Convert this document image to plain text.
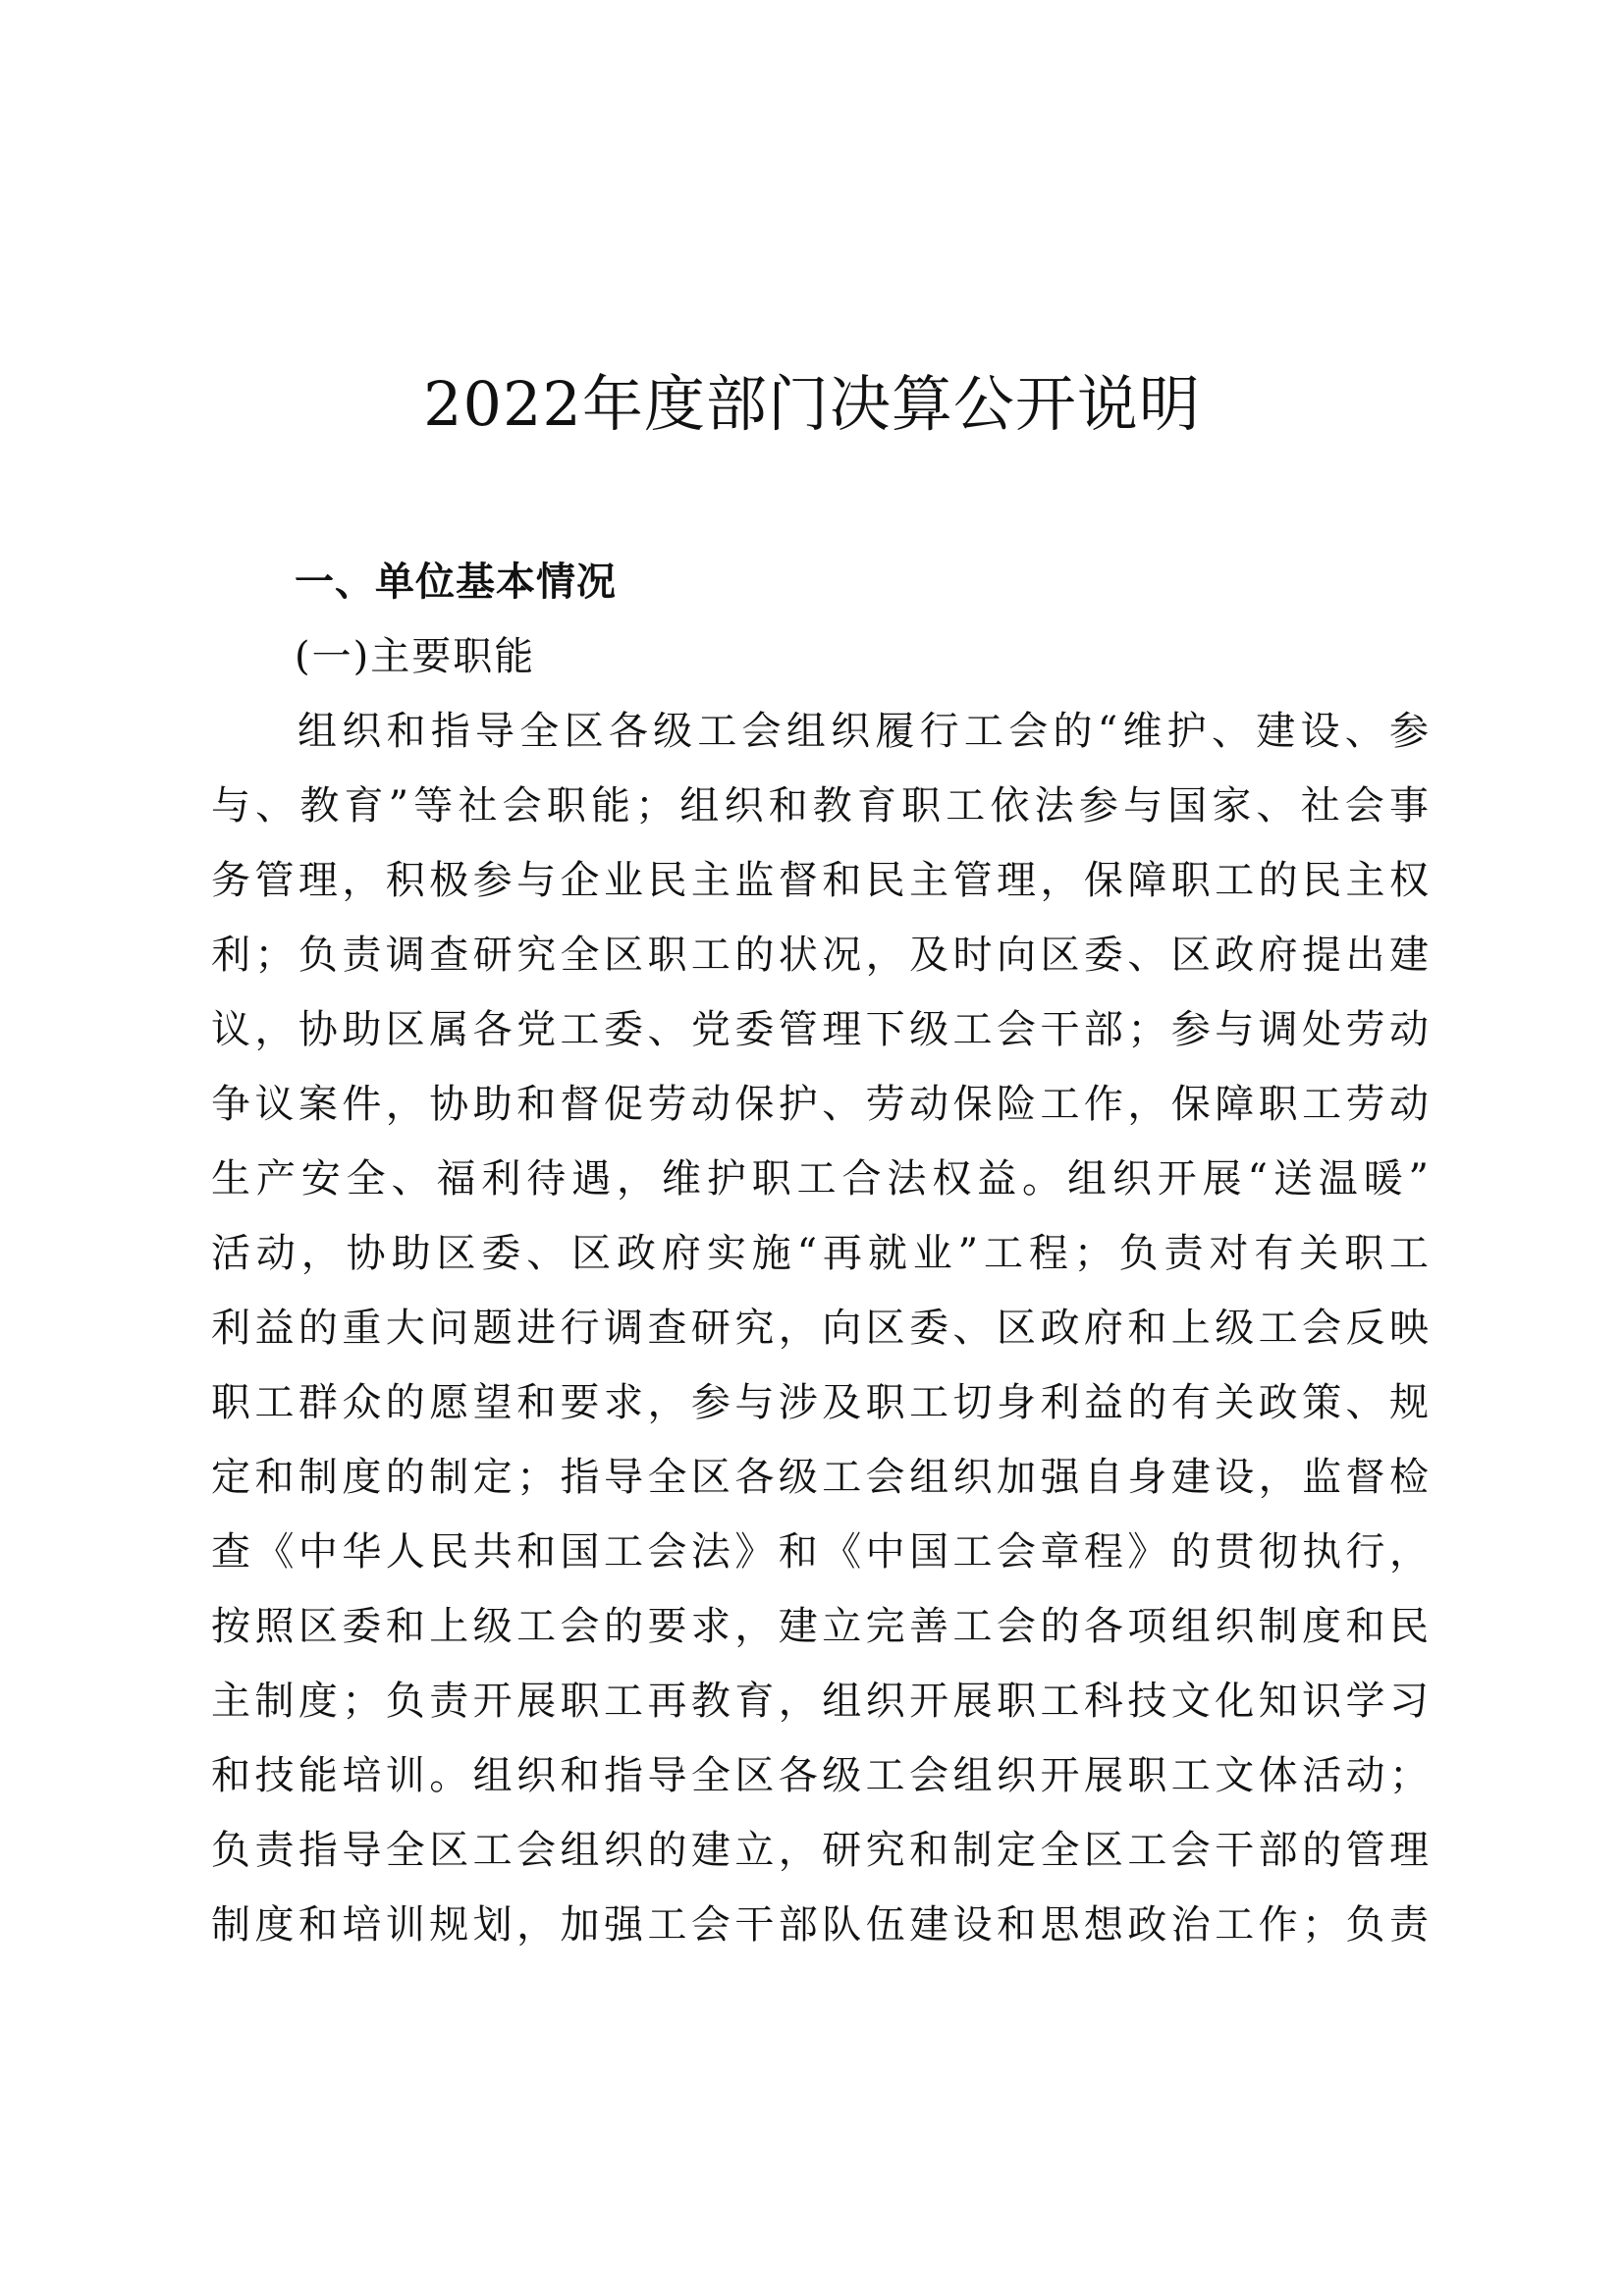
2022年度部门决算公开说明
一、单位基本情况
(一)主要职能
组织和指导全区各级工会组织履行工会的“维护、建设、参
与、教育”等社会职能；组织和教育职工依法参与国家、社会事
务管理，积极参与企业民主监督和民主管理，保障职工的民主权
利；负责调查研究全区职工的状况，及时向区委、区政府提出建
议，协助区属各党工委、党委管理下级工会干部；参与调处劳动
争议案件，协助和督促劳动保护、劳动保险工作，保障职工劳动
生产安全、福利待遇，维护职工合法权益。组织开展“送温暖”
活动，协助区委、区政府实施“再就业”工程；负责对有关职工
利益的重大问题进行调查研究，向区委、区政府和上级工会反映
职工群众的愿望和要求，参与涉及职工切身利益的有关政策、规
定和制度的制定；指导全区各级工会组织加强自身建设，监督检
查《中华人民共和国工会法》和《中国工会章程》的贯彻执行，
按照区委和上级工会的要求，建立完善工会的各项组织制度和民
主制度；负责开展职工再教育，组织开展职工科技文化知识学习
和技能培训。组织和指导全区各级工会组织开展职工文体活动；
负责指导全区工会组织的建立，研究和制定全区工会干部的管理
制度和培训规划，加强工会干部队伍建设和思想政治工作；负责
